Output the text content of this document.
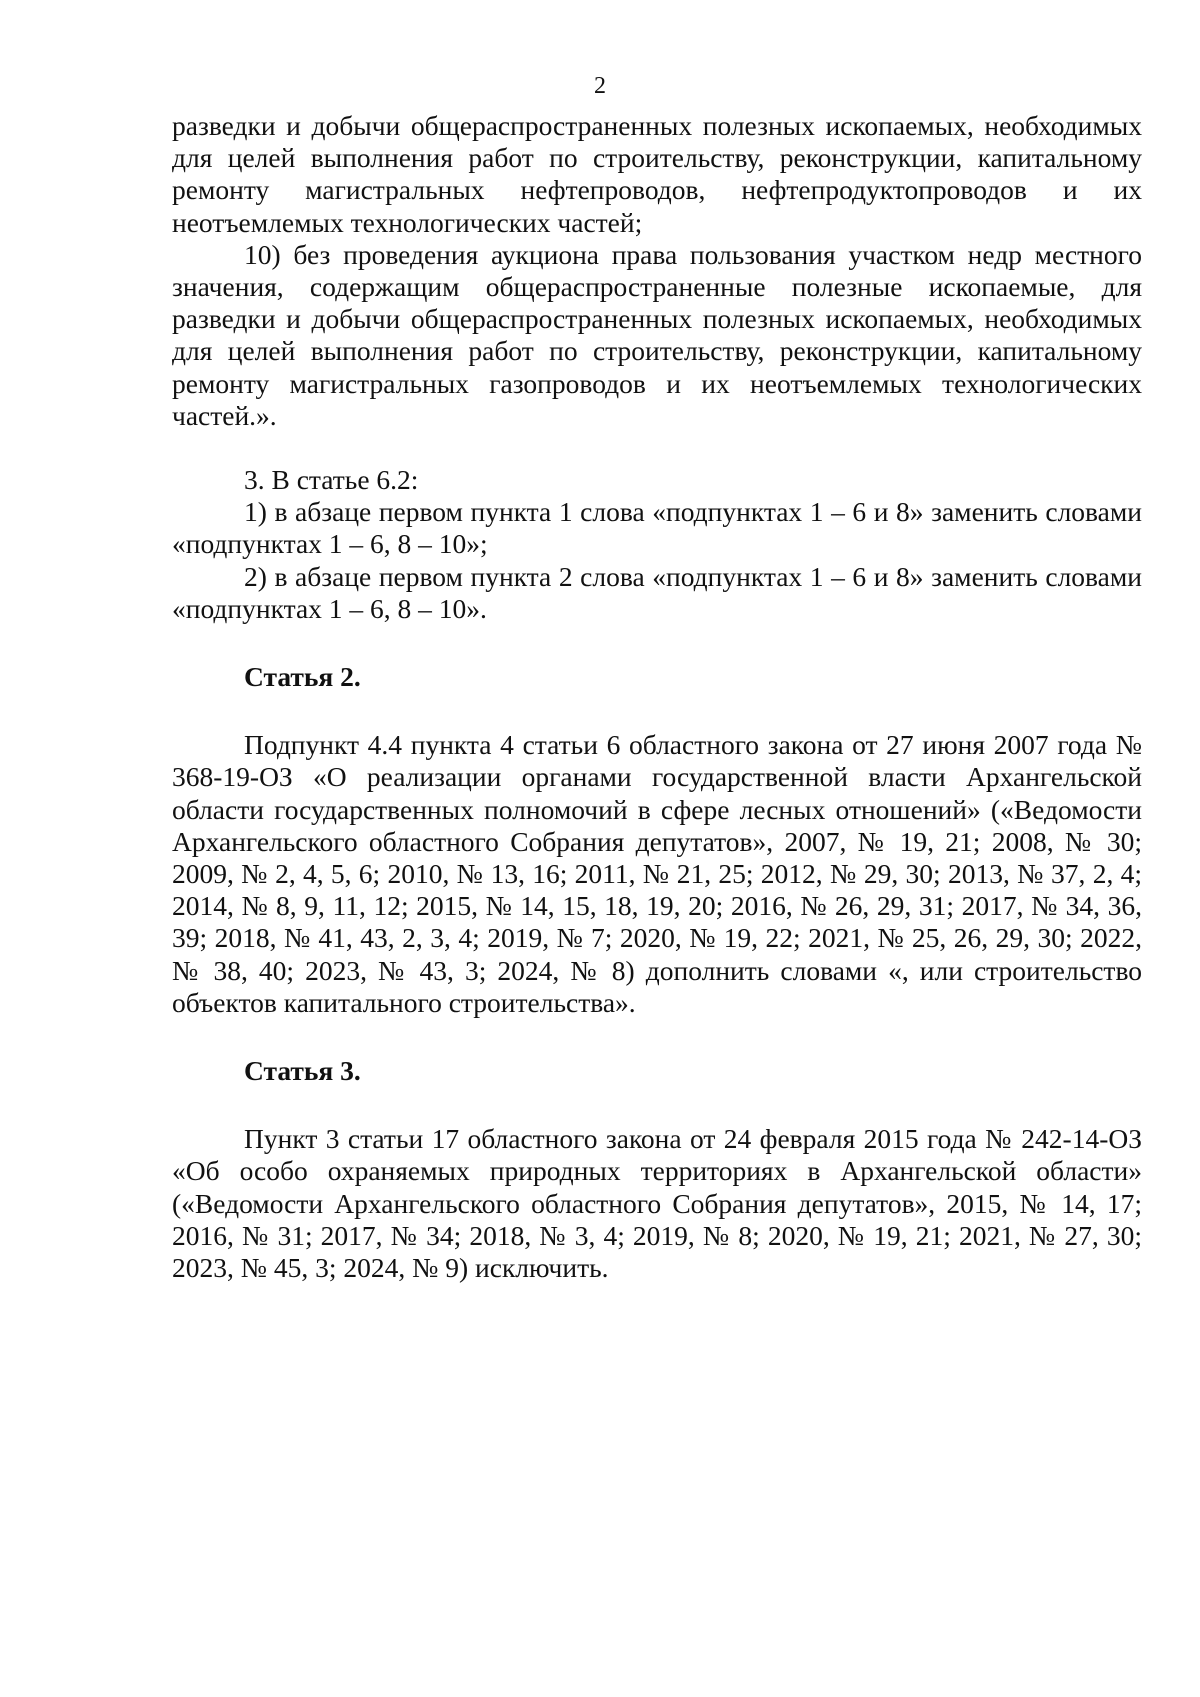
2

разведки и добычи общераспространенных полезных ископаемых, необходимых для целей выполнения работ по строительству, реконструкции, капитальному ремонту магистральных нефтепроводов, нефтепродуктопроводов и их неотъемлемых технологических частей;

10) без проведения аукциона права пользования участком недр местного значения, содержащим общераспространенные полезные ископаемые, для разведки и добычи общераспространенных полезных ископаемых, необходимых для целей выполнения работ по строительству, реконструкции, капитальному ремонту магистральных газопроводов и их неотъемлемых технологических частей.».

3. В статье 6.2:

1) в абзаце первом пункта 1 слова «подпунктах 1 – 6 и 8» заменить словами «подпунктах 1 – 6, 8 – 10»;

2) в абзаце первом пункта 2 слова «подпунктах 1 – 6 и 8» заменить словами «подпунктах 1 – 6, 8 – 10».

Статья 2.

Подпункт 4.4 пункта 4 статьи 6 областного закона от 27 июня 2007 года № 368-19-ОЗ «О реализации органами государственной власти Архангельской области государственных полномочий в сфере лесных отношений» («Ведомости Архангельского областного Собрания депутатов», 2007, № 19, 21; 2008, № 30; 2009, № 2, 4, 5, 6; 2010, № 13, 16; 2011, № 21, 25; 2012, № 29, 30; 2013, № 37, 2, 4; 2014, № 8, 9, 11, 12; 2015, № 14, 15, 18, 19, 20; 2016, № 26, 29, 31; 2017, № 34, 36, 39; 2018, № 41, 43, 2, 3, 4; 2019, № 7; 2020, № 19, 22; 2021, № 25, 26, 29, 30; 2022, № 38, 40; 2023, № 43, 3; 2024, № 8) дополнить словами «, или строительство объектов капитального строительства».

Статья 3.

Пункт 3 статьи 17 областного закона от 24 февраля 2015 года № 242-14-ОЗ «Об особо охраняемых природных территориях в Архангельской области» («Ведомости Архангельского областного Собрания депутатов», 2015, № 14, 17; 2016, № 31; 2017, № 34; 2018, № 3, 4; 2019, № 8; 2020, № 19, 21; 2021, № 27, 30; 2023, № 45, 3; 2024, № 9) исключить.
